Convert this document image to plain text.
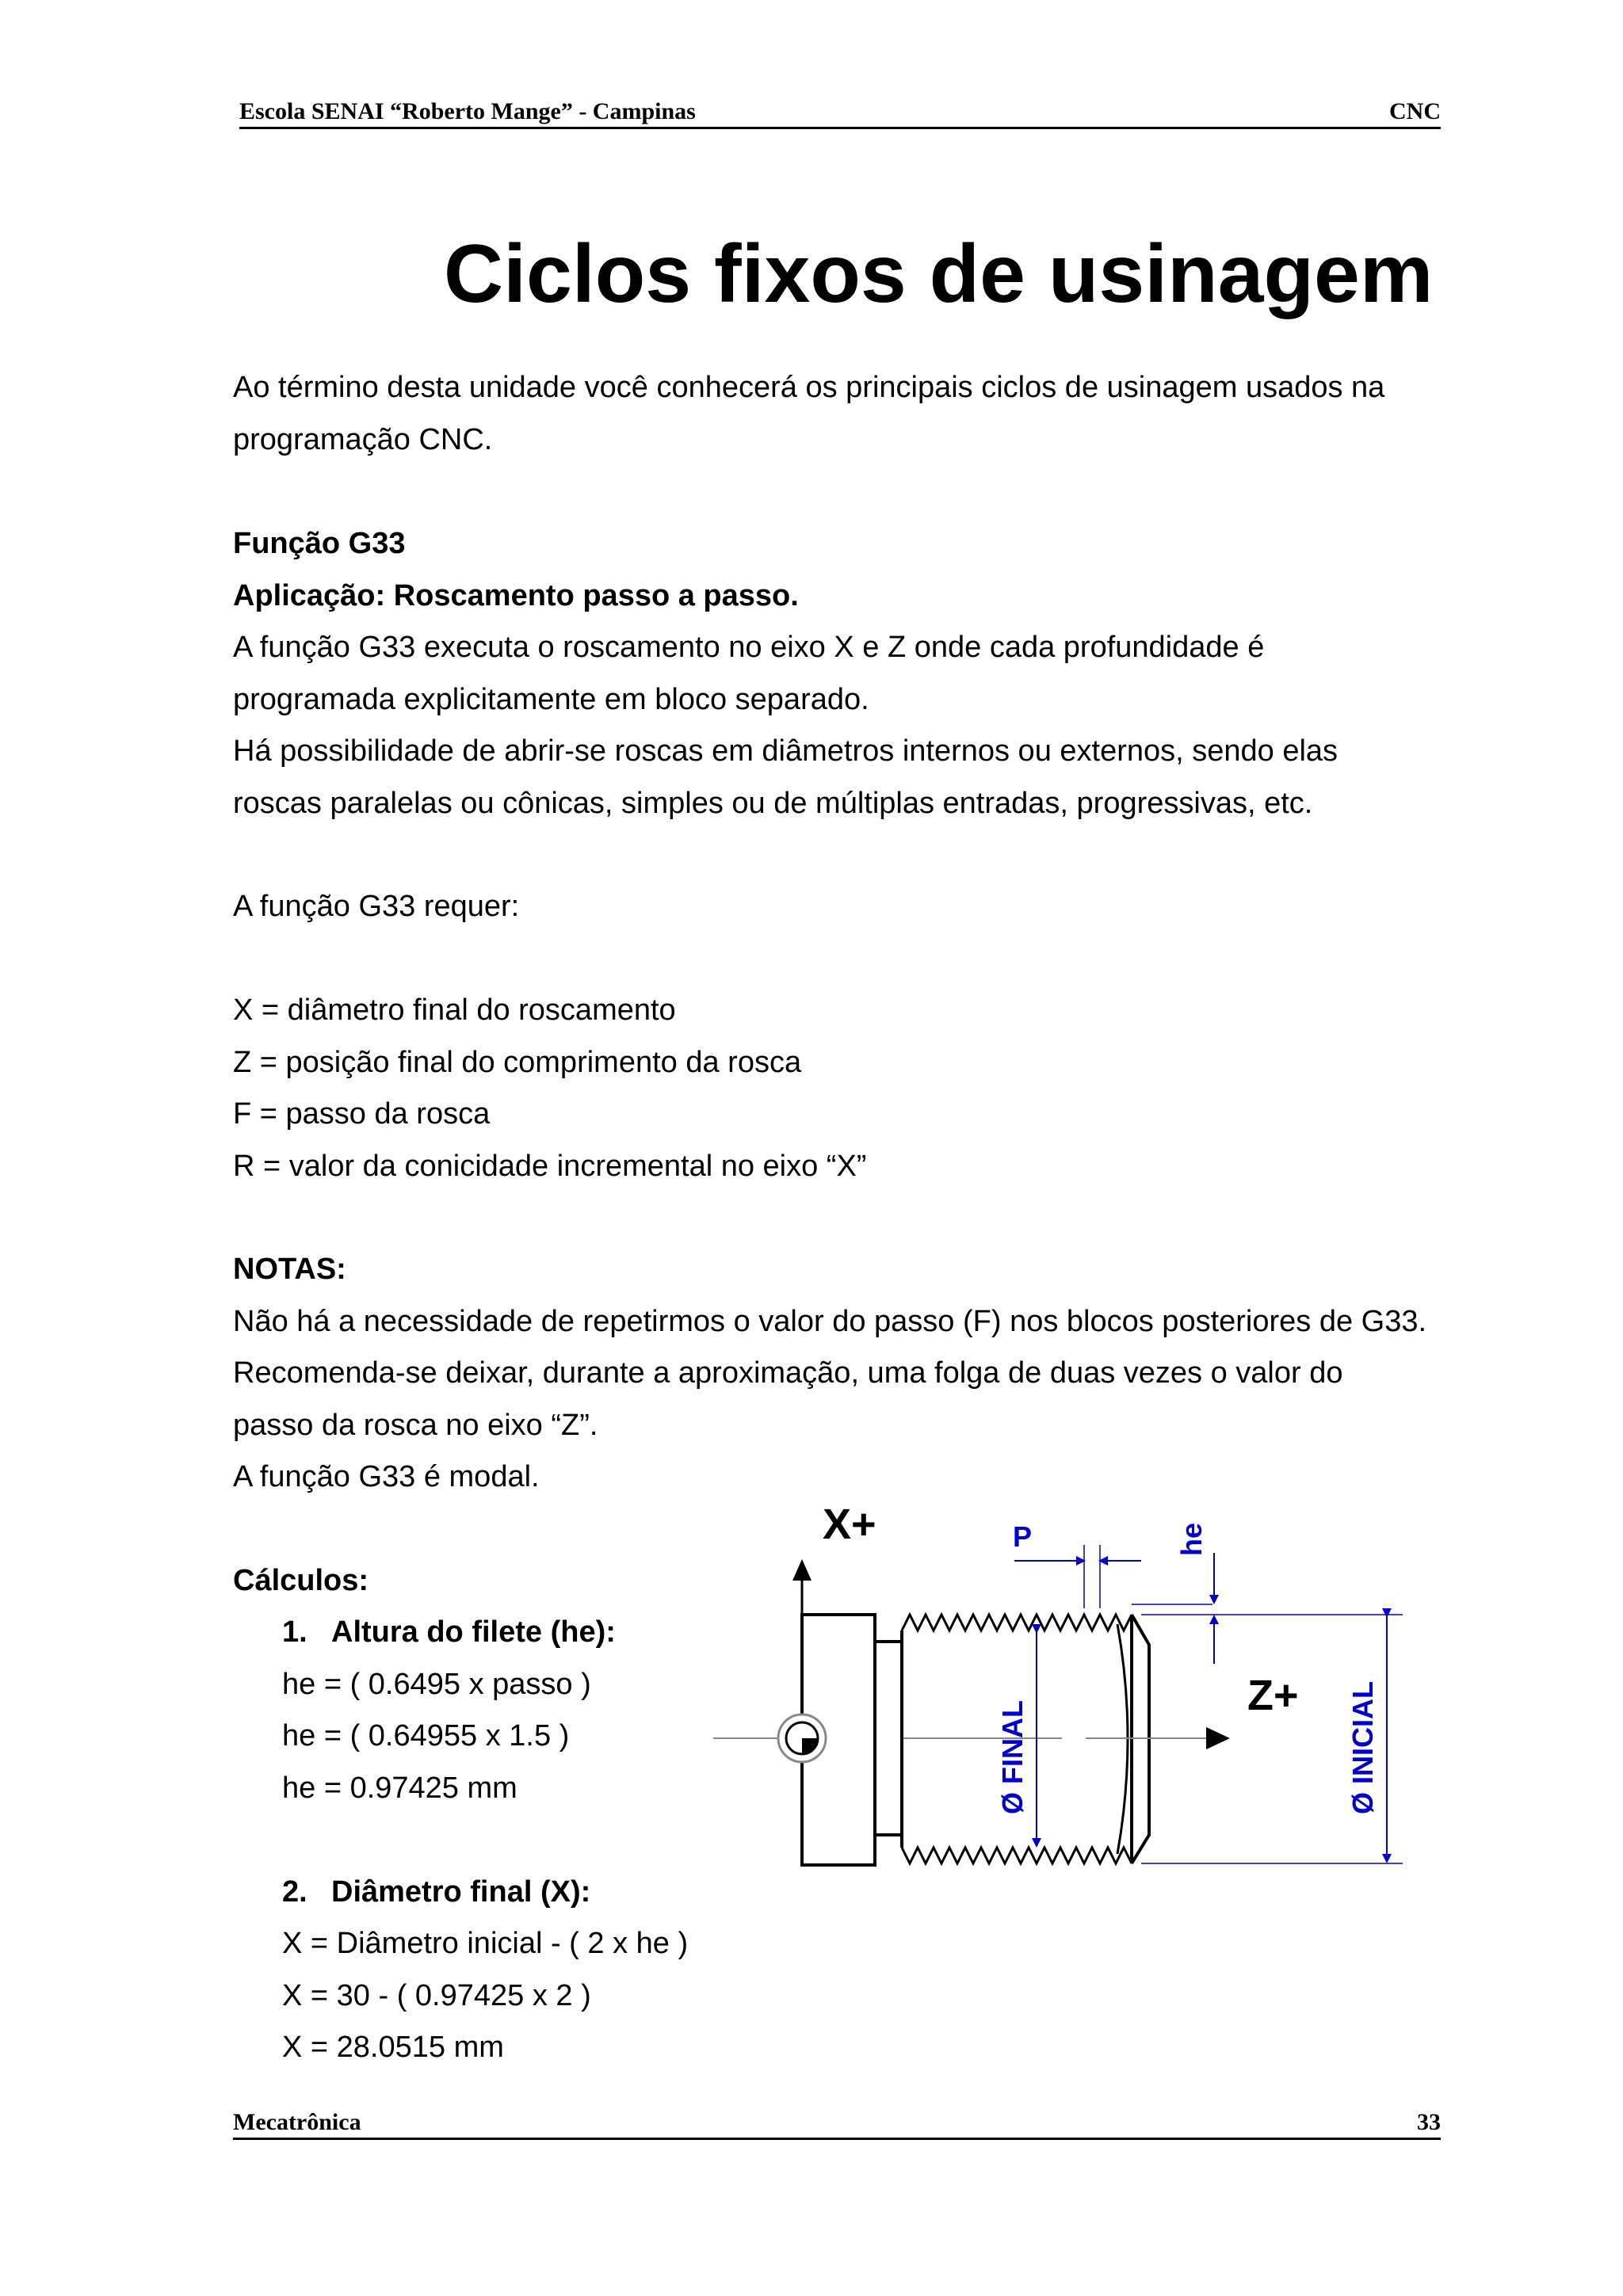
Escola SENAI “Roberto Mange” - Campinas	CNC
Ciclos fixos de usinagem
Ao término desta unidade você conhecerá os principais ciclos de usinagem usados na
programação CNC.
Função G33
Aplicação: Roscamento passo a passo.
A função G33 executa o roscamento no eixo X e Z onde cada profundidade é
programada explicitamente em bloco separado.
Há possibilidade de abrir-se roscas em diâmetros internos ou externos, sendo elas
roscas paralelas ou cônicas, simples ou de múltiplas entradas, progressivas, etc.
A função G33 requer:
X = diâmetro final do roscamento
Z = posição final do comprimento da rosca
F = passo da rosca
R = valor da conicidade incremental no eixo “X”
NOTAS:
Não há a necessidade de repetirmos o valor do passo (F) nos blocos posteriores de G33.
Recomenda-se deixar, durante a aproximação, uma folga de duas vezes o valor do
passo da rosca no eixo “Z”.
A função G33 é modal.
Cálculos:
1. Altura do filete (he):
he = ( 0.6495 x passo )
he = ( 0.64955 x 1.5 )
he = 0.97425 mm
2. Diâmetro final (X):
X = Diâmetro inicial - ( 2 x he )
X = 30 - ( 0.97425 x 2 )
X = 28.0515 mm
X+
Z+
Ø FINAL	Ø INICIAL
P	he
Mecatrônica	33
